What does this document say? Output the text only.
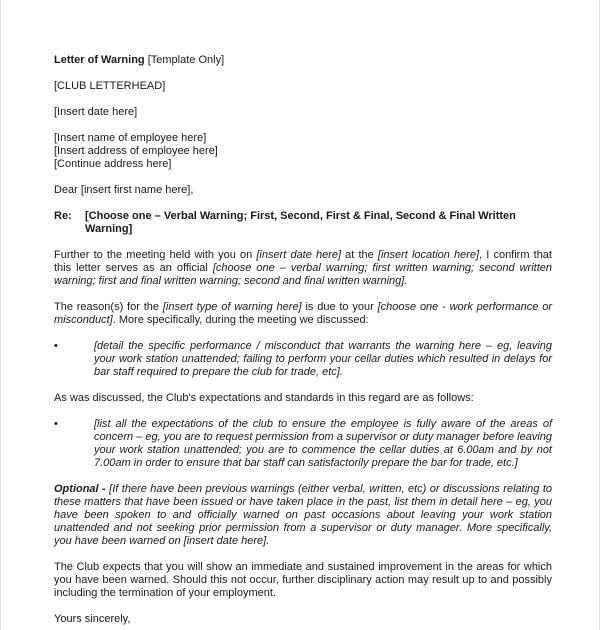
Letter of Warning [Template Only]

[CLUB LETTERHEAD]

[Insert date here]

[Insert name of employee here]

[Insert address of employee here]

[Continue address here]

Dear [insert first name here],

Re:	[Choose one – Verbal Warning; First, Second, First & Final, Second & Final Written Warning]

Further to the meeting held with you on [insert date here] at the [insert location here], I confirm that this letter serves as an official [choose one – verbal warning; first written warning; second written warning; first and final written warning; second and final written warning].

The reason(s) for the [insert type of warning here] is due to your [choose one - work performance or misconduct]. More specifically, during the meeting we discussed:

•	[detail the specific performance / misconduct that warrants the warning here – eg, leaving your work station unattended; failing to perform your cellar duties which resulted in delays for bar staff required to prepare the club for trade, etc].

As was discussed, the Club's expectations and standards in this regard are as follows:

•	[list all the expectations of the club to ensure the employee is fully aware of the areas of concern – eg, you are to request permission from a supervisor or duty manager before leaving your work station unattended; you are to commence the cellar duties at 6.00am and by not 7.00am in order to ensure that bar staff can satisfactorily prepare the bar for trade, etc.]

Optional - [If there have been previous warnings (either verbal, written, etc) or discussions relating to these matters that have been issued or have taken place in the past, list them in detail here – eg, you have been spoken to and officially warned on past occasions about leaving your work station unattended and not seeking prior permission from a supervisor or duty manager. More specifically, you have been warned on [insert date here].

The Club expects that you will show an immediate and sustained improvement in the areas for which you have been warned. Should this not occur, further disciplinary action may result up to and possibly including the termination of your employment.

Yours sincerely,
